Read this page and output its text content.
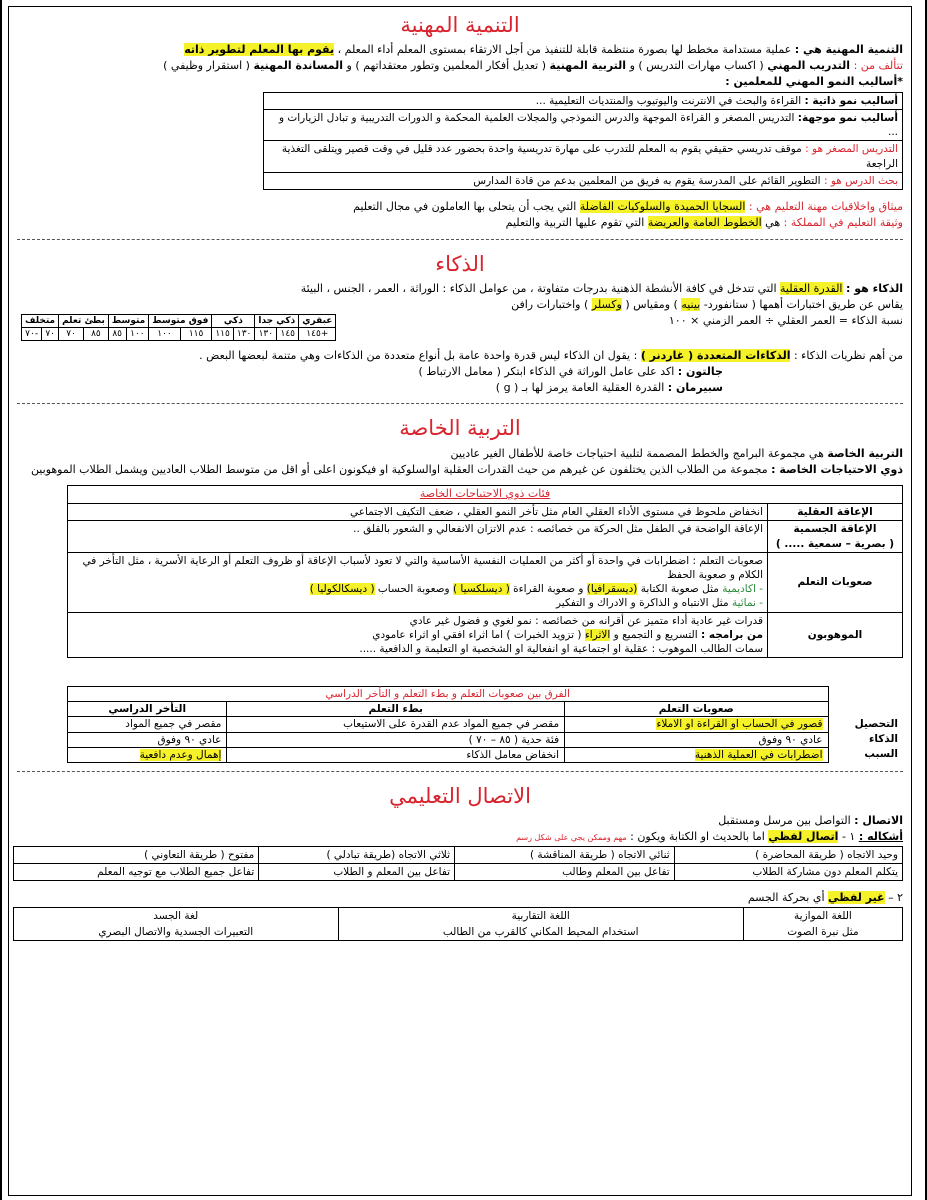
التنمية المهنية

التنمية المهنية هي : عملية مستدامة مخطط لها بصورة منتظمة قابلة للتنفيذ من أجل الارتقاء بمستوى المعلم أداء المعلم ، يقوم بها المعلم لتطوير ذاته

تتألف من : التدريب المهني ( اكساب مهارات التدريس ) و التربية المهنية ( تعديل أفكار المعلمين وتطور معتقداتهم ) و المساندة المهنية ( استقرار وظيفي )

*أساليب النمو المهني للمعلمين :

أساليب نمو ذاتية : القراءة والبحث في الانترنت واليوتيوب والمنتديات التعليمية ...
أساليب نمو موجهة: التدريس المصغر و القراءة الموجهة والدرس النموذجي والمجلات العلمية المحكمة و الدورات التدريبية و تبادل الزيارات و ...
التدريس المصغر هو : موقف تدريسي حقيقي يقوم به المعلم للتدرب على مهارة تدريسية واحدة بحضور عدد قليل في وقت قصير ويتلقى التغذية الراجعة
بحث الدرس هو : التطوير القائم على المدرسة يقوم به فريق من المعلمين بدعم من قادة المدارس

ميثاق واخلاقيات مهنة التعليم هي : السجايا الحميدة والسلوكيات الفاضلة التي يجب أن يتحلى بها العاملون في مجال التعليم

وثيقة التعليم في المملكة : هي الخطوط العامة والعريضة التي تقوم عليها التربية والتعليم

الذكاء

الذكاء هو : القدرة العقلية التي تتدخل في كافة الأنشطة الذهنية بدرجات متفاوتة ، من عوامل الذكاء : الوراثة ، العمر ، الجنس ، البيئة

يقاس عن طريق اختبارات أهمها ( ستانفورد- بينيه ) ومقياس ( وكسلر ) واختبارات رافن

نسبة الذكاء = العمر العقلي ÷ العمر الزمني × ١٠٠
عبقري	ذكي جدا		ذكي		فوق متوسط		متوسط		بطئ تعلم		متخلف	
+١٤٥	١٤٥	١٣٠	١٣٠	١١٥	١١٥	١٠٠	١٠٠	٨٥	٨٥	٧٠	٧٠	-٧٠

من أهم نظريات الذكاء : الذكاءات المتعددة ( غاردنر ) : يقول ان الذكاء ليس قدرة واحدة عامة بل أنواع متعددة من الذكاءات وهي متنمة لبعضها البعض .

جالتون : اكد على عامل الوراثة في الذكاء ابتكر ( معامل الارتباط )

سبيرمان : القدرة العقلية العامة يرمز لها بـ ( g )

التربية الخاصة

التربية الخاصة هي مجموعة البرامج والخطط المصممة لتلبية احتياجات خاصة للأطفال الغير عاديين

ذوي الاحتياجات الخاصة : مجموعة من الطلاب الذين يختلفون عن غيرهم من حيث القدرات العقلية اوالسلوكية او فيكونون اعلى أو اقل من متوسط الطلاب العاديين ويشمل الطلاب الموهوبين

فئات ذوي الاحتياجات الخاصة	
الإعاقة العقلية	انخفاض ملحوظ في مستوى الأداء العقلي العام مثل تأخر النمو العقلي ، ضعف التكيف الاجتماعي

الإعاقة الجسمية
( بصرية – سمعية ..... )	الإعاقة الواضحة في الطفل مثل الحركة من خصائصه : عدم الاتزان الانفعالي و الشعور بالقلق ..
صعوبات التعلم	صعوبات التعلم : اضطرابات في واحدة أو أكثر من العمليات النفسية الأساسية والتي لا تعود لأسباب الإعاقة أو ظروف التعلم أو الرعاية الأسرية ، مثل التأخر في الكلام و صعوبة الحفظ
- اكاديمية مثل صعوبة الكتابة (ديسقرافيا) و صعوبة القراءة ( ديسلكسيا ) وصعوبة الحساب ( ديسكالكوليا )
- نمائية مثل الانتباه و الذاكرة و الادراك و التفكير

الموهوبون	قدرات غير عادية أداء متميز عن أقرانه من خصائصه : نمو لغوي و فضول غير عادي
من برامجه : التسريع و التجميع و الاثراء ( تزويد الخبرات ) اما اثراء افقي او اثراء عامودي
سمات الطالب الموهوب : عقلية او اجتماعية او انفعالية او الشخصية او التعليمة و الدافعية .....
	الفرق بين صعوبات التعلم و بطء التعلم و التأخر الدراسي		
	صعوبات التعلم	بطء التعلم	التأخر الدراسي
التحصيل	قصور في الحساب او القراءة او الاملاء	مقصر في جميع المواد عدم القدرة على الاستيعاب	مقصر في جميع المواد
الذكاء	عادي ٩٠ وفوق	فئة حدية ( ٨٥ – ٧٠ )	عادي ٩٠ وفوق
السبب	اضطرابات في العملية الذهنية	انخفاض معامل الذكاء	إهمال وعدم دافعية
الاتصال التعليمي

الاتصال : التواصل بين مرسل ومستقبل

أشكاله : ١ - اتصال لفظي اما بالحديث او الكتابة ويكون : مهم وممكن يجي على شكل رسم

وحيد الاتجاه ( طريقة المحاضرة )	ثنائي الاتجاه ( طريقة المناقشة )	ثلاثي الاتجاه (طريقة تبادلي )	مفتوح ( طريقة التعاوني )
يتكلم المعلم دون مشاركة الطلاب	تفاعل بين المعلم وطالب	تفاعل بين المعلم و الطلاب	تفاعل جميع الطلاب مع توجيه المعلم

٢ – غير لفظي أي بحركة الجسم

اللغة الموازية	اللغة التقاربية	لغة الجسد
مثل نبرة الصوت	استخدام المحيط المكاني كالقرب من الطالب	التعبيرات الجسدية والاتصال البصري
